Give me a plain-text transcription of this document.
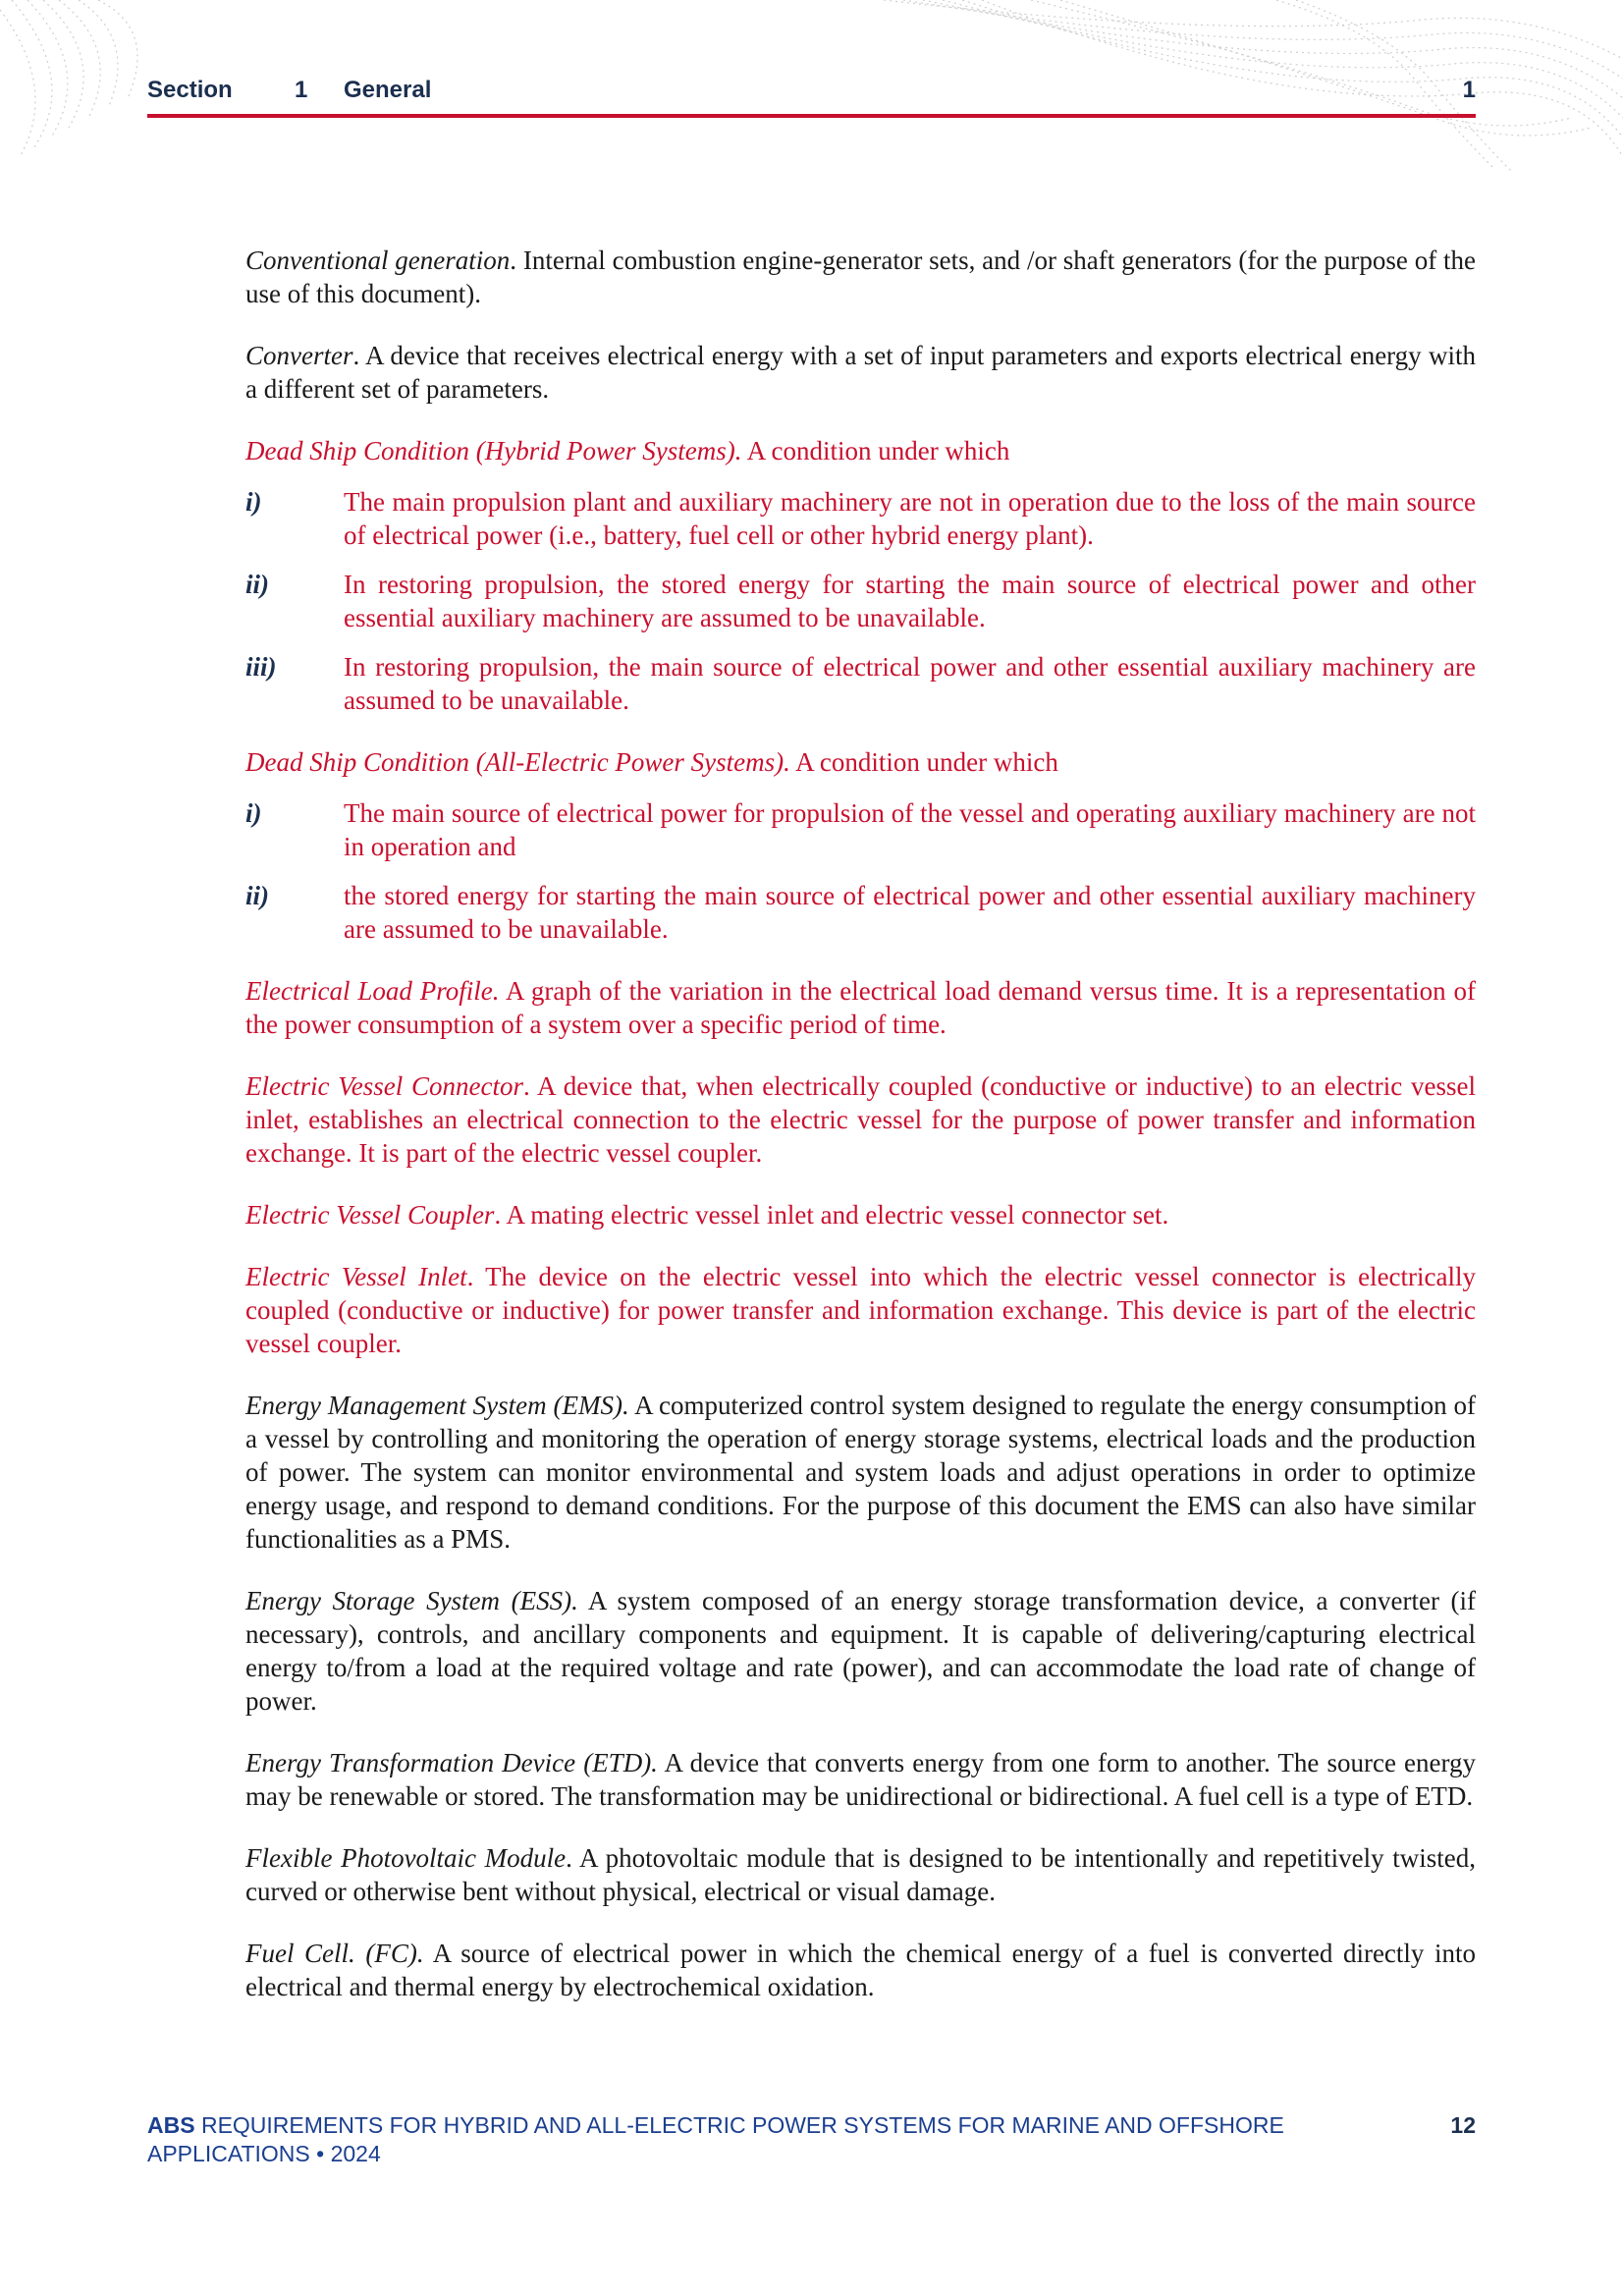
Section	1 General	1

Conventional generation. Internal combustion engine-generator sets, and /or shaft generators (for the purpose of the use of this document).

Converter. A device that receives electrical energy with a set of input parameters and exports electrical energy with a different set of parameters.

Dead Ship Condition (Hybrid Power Systems). A condition under which

i)	The main propulsion plant and auxiliary machinery are not in operation due to the loss of the main source of electrical power (i.e., battery, fuel cell or other hybrid energy plant).
ii)	In restoring propulsion, the stored energy for starting the main source of electrical power and other essential auxiliary machinery are assumed to be unavailable.
iii)	In restoring propulsion, the main source of electrical power and other essential auxiliary machinery are assumed to be unavailable.

Dead Ship Condition (All-Electric Power Systems). A condition under which

i)	The main source of electrical power for propulsion of the vessel and operating auxiliary machinery are not in operation and
ii)	the stored energy for starting the main source of electrical power and other essential auxiliary machinery are assumed to be unavailable.

Electrical Load Profile. A graph of the variation in the electrical load demand versus time. It is a representation of the power consumption of a system over a specific period of time.

Electric Vessel Connector. A device that, when electrically coupled (conductive or inductive) to an electric vessel inlet, establishes an electrical connection to the electric vessel for the purpose of power transfer and information exchange. It is part of the electric vessel coupler.

Electric Vessel Coupler. A mating electric vessel inlet and electric vessel connector set.

Electric Vessel Inlet. The device on the electric vessel into which the electric vessel connector is electrically coupled (conductive or inductive) for power transfer and information exchange. This device is part of the electric vessel coupler.

Energy Management System (EMS). A computerized control system designed to regulate the energy consumption of a vessel by controlling and monitoring the operation of energy storage systems, electrical loads and the production of power. The system can monitor environmental and system loads and adjust operations in order to optimize energy usage, and respond to demand conditions. For the purpose of this document the EMS can also have similar functionalities as a PMS.

Energy Storage System (ESS). A system composed of an energy storage transformation device, a converter (if necessary), controls, and ancillary components and equipment. It is capable of delivering/capturing electrical energy to/from a load at the required voltage and rate (power), and can accommodate the load rate of change of power.

Energy Transformation Device (ETD). A device that converts energy from one form to another. The source energy may be renewable or stored. The transformation may be unidirectional or bidirectional. A fuel cell is a type of ETD.

Flexible Photovoltaic Module. A photovoltaic module that is designed to be intentionally and repetitively twisted, curved or otherwise bent without physical, electrical or visual damage.

Fuel Cell. (FC). A source of electrical power in which the chemical energy of a fuel is converted directly into electrical and thermal energy by electrochemical oxidation.

ABS REQUIREMENTS FOR HYBRID AND ALL-ELECTRIC POWER SYSTEMS FOR MARINE AND OFFSHORE APPLICATIONS • 2024
12
